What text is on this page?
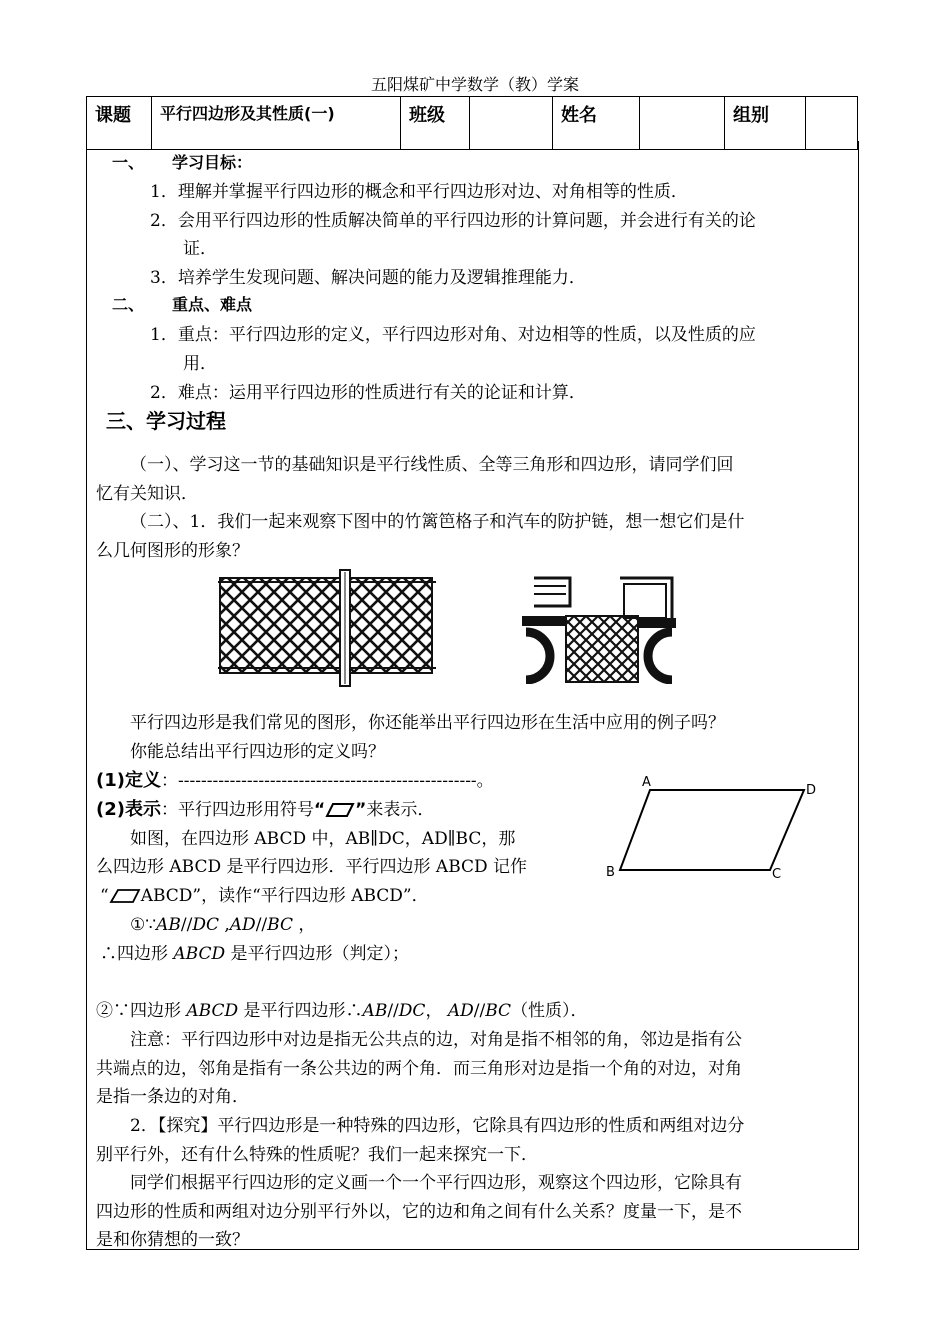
五阳煤矿中学数学（教）学案
课题	平行四边形及其性质(一)	班级		姓名		组别	
一、 学习目标：
1．理解并掌握平行四边形的概念和平行四边形对边、对角相等的性质．
2．会用平行四边形的性质解决简单的平行四边形的计算问题，并会进行有关的论
证．
3．培养学生发现问题、解决问题的能力及逻辑推理能力．
二、 重点、难点
1．重点：平行四边形的定义，平行四边形对角、对边相等的性质，以及性质的应
用．
2．难点：运用平行四边形的性质进行有关的论证和计算．
三、学习过程
（一）、学习这一节的基础知识是平行线性质、全等三角形和四边形，请同学们回
忆有关知识．
（二）、1．我们一起来观察下图中的竹篱笆格子和汽车的防护链，想一想它们是什
么几何图形的形象？
平行四边形是我们常见的图形，你还能举出平行四边形在生活中应用的例子吗？
你能总结出平行四边形的定义吗？
(1)定义：----------------------------------------------------。
(2)表示：平行四边形用符号“ ”来表示．
如图，在四边形 ABCD 中，AB∥DC，AD∥BC，那
么四边形 ABCD 是平行四边形．平行四边形 ABCD 记作
“ ABCD”，读作“平行四边形 ABCD”．
A
D
B	C
①∵AB//DC ,AD//BC ，
∴四边形 ABCD 是平行四边形（判定）；
②∵四边形 ABCD 是平行四边形∴AB//DC， AD//BC（性质）．
注意：平行四边形中对边是指无公共点的边，对角是指不相邻的角，邻边是指有公
共端点的边，邻角是指有一条公共边的两个角．而三角形对边是指一个角的对边，对角
是指一条边的对角．
2．【探究】平行四边形是一种特殊的四边形，它除具有四边形的性质和两组对边分
别平行外，还有什么特殊的性质呢？我们一起来探究一下．
同学们根据平行四边形的定义画一个一个平行四边形，观察这个四边形，它除具有
四边形的性质和两组对边分别平行外以，它的边和角之间有什么关系？度量一下，是不
是和你猜想的一致？
